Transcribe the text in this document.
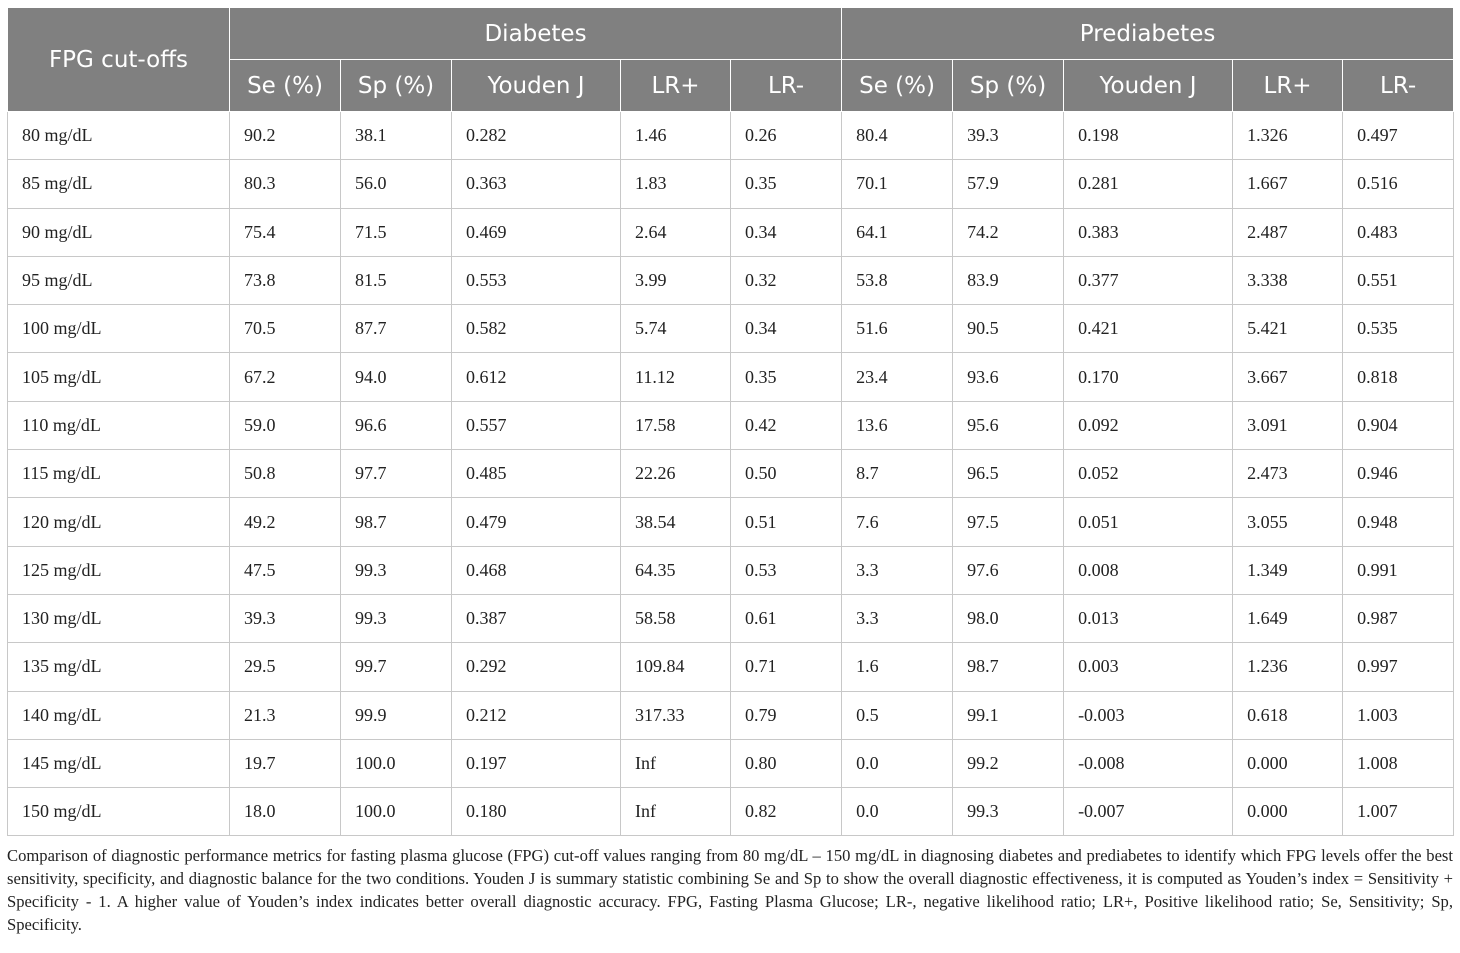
FPG cut-offs	Diabetes					Prediabetes				
	Se (%)	Sp (%)	Youden J	LR+	LR-	Se (%)	Sp (%)	Youden J	LR+	LR-
80 mg/dL	90.2	38.1	0.282	1.46	0.26	80.4	39.3	0.198	1.326	0.497
85 mg/dL	80.3	56.0	0.363	1.83	0.35	70.1	57.9	0.281	1.667	0.516
90 mg/dL	75.4	71.5	0.469	2.64	0.34	64.1	74.2	0.383	2.487	0.483
95 mg/dL	73.8	81.5	0.553	3.99	0.32	53.8	83.9	0.377	3.338	0.551
100 mg/dL	70.5	87.7	0.582	5.74	0.34	51.6	90.5	0.421	5.421	0.535
105 mg/dL	67.2	94.0	0.612	11.12	0.35	23.4	93.6	0.170	3.667	0.818
110 mg/dL	59.0	96.6	0.557	17.58	0.42	13.6	95.6	0.092	3.091	0.904
115 mg/dL	50.8	97.7	0.485	22.26	0.50	8.7	96.5	0.052	2.473	0.946
120 mg/dL	49.2	98.7	0.479	38.54	0.51	7.6	97.5	0.051	3.055	0.948
125 mg/dL	47.5	99.3	0.468	64.35	0.53	3.3	97.6	0.008	1.349	0.991
130 mg/dL	39.3	99.3	0.387	58.58	0.61	3.3	98.0	0.013	1.649	0.987
135 mg/dL	29.5	99.7	0.292	109.84	0.71	1.6	98.7	0.003	1.236	0.997
140 mg/dL	21.3	99.9	0.212	317.33	0.79	0.5	99.1	-0.003	0.618	1.003
145 mg/dL	19.7	100.0	0.197	Inf	0.80	0.0	99.2	-0.008	0.000	1.008
150 mg/dL	18.0	100.0	0.180	Inf	0.82	0.0	99.3	-0.007	0.000	1.007

Comparison of diagnostic performance metrics for fasting plasma glucose (FPG) cut-off values ranging from 80 mg/dL – 150 mg/dL in diagnosing diabetes and prediabetes to identify which FPG levels offer the best sensitivity, specificity, and diagnostic balance for the two conditions. Youden J is summary statistic combining Se and Sp to show the overall diagnostic effectiveness, it is computed as Youden’s index = Sensitivity + Specificity - 1. A higher value of Youden’s index indicates better overall diagnostic accuracy. FPG, Fasting Plasma Glucose; LR-, negative likelihood ratio; LR+, Positive likelihood ratio; Se, Sensitivity; Sp, Specificity.
